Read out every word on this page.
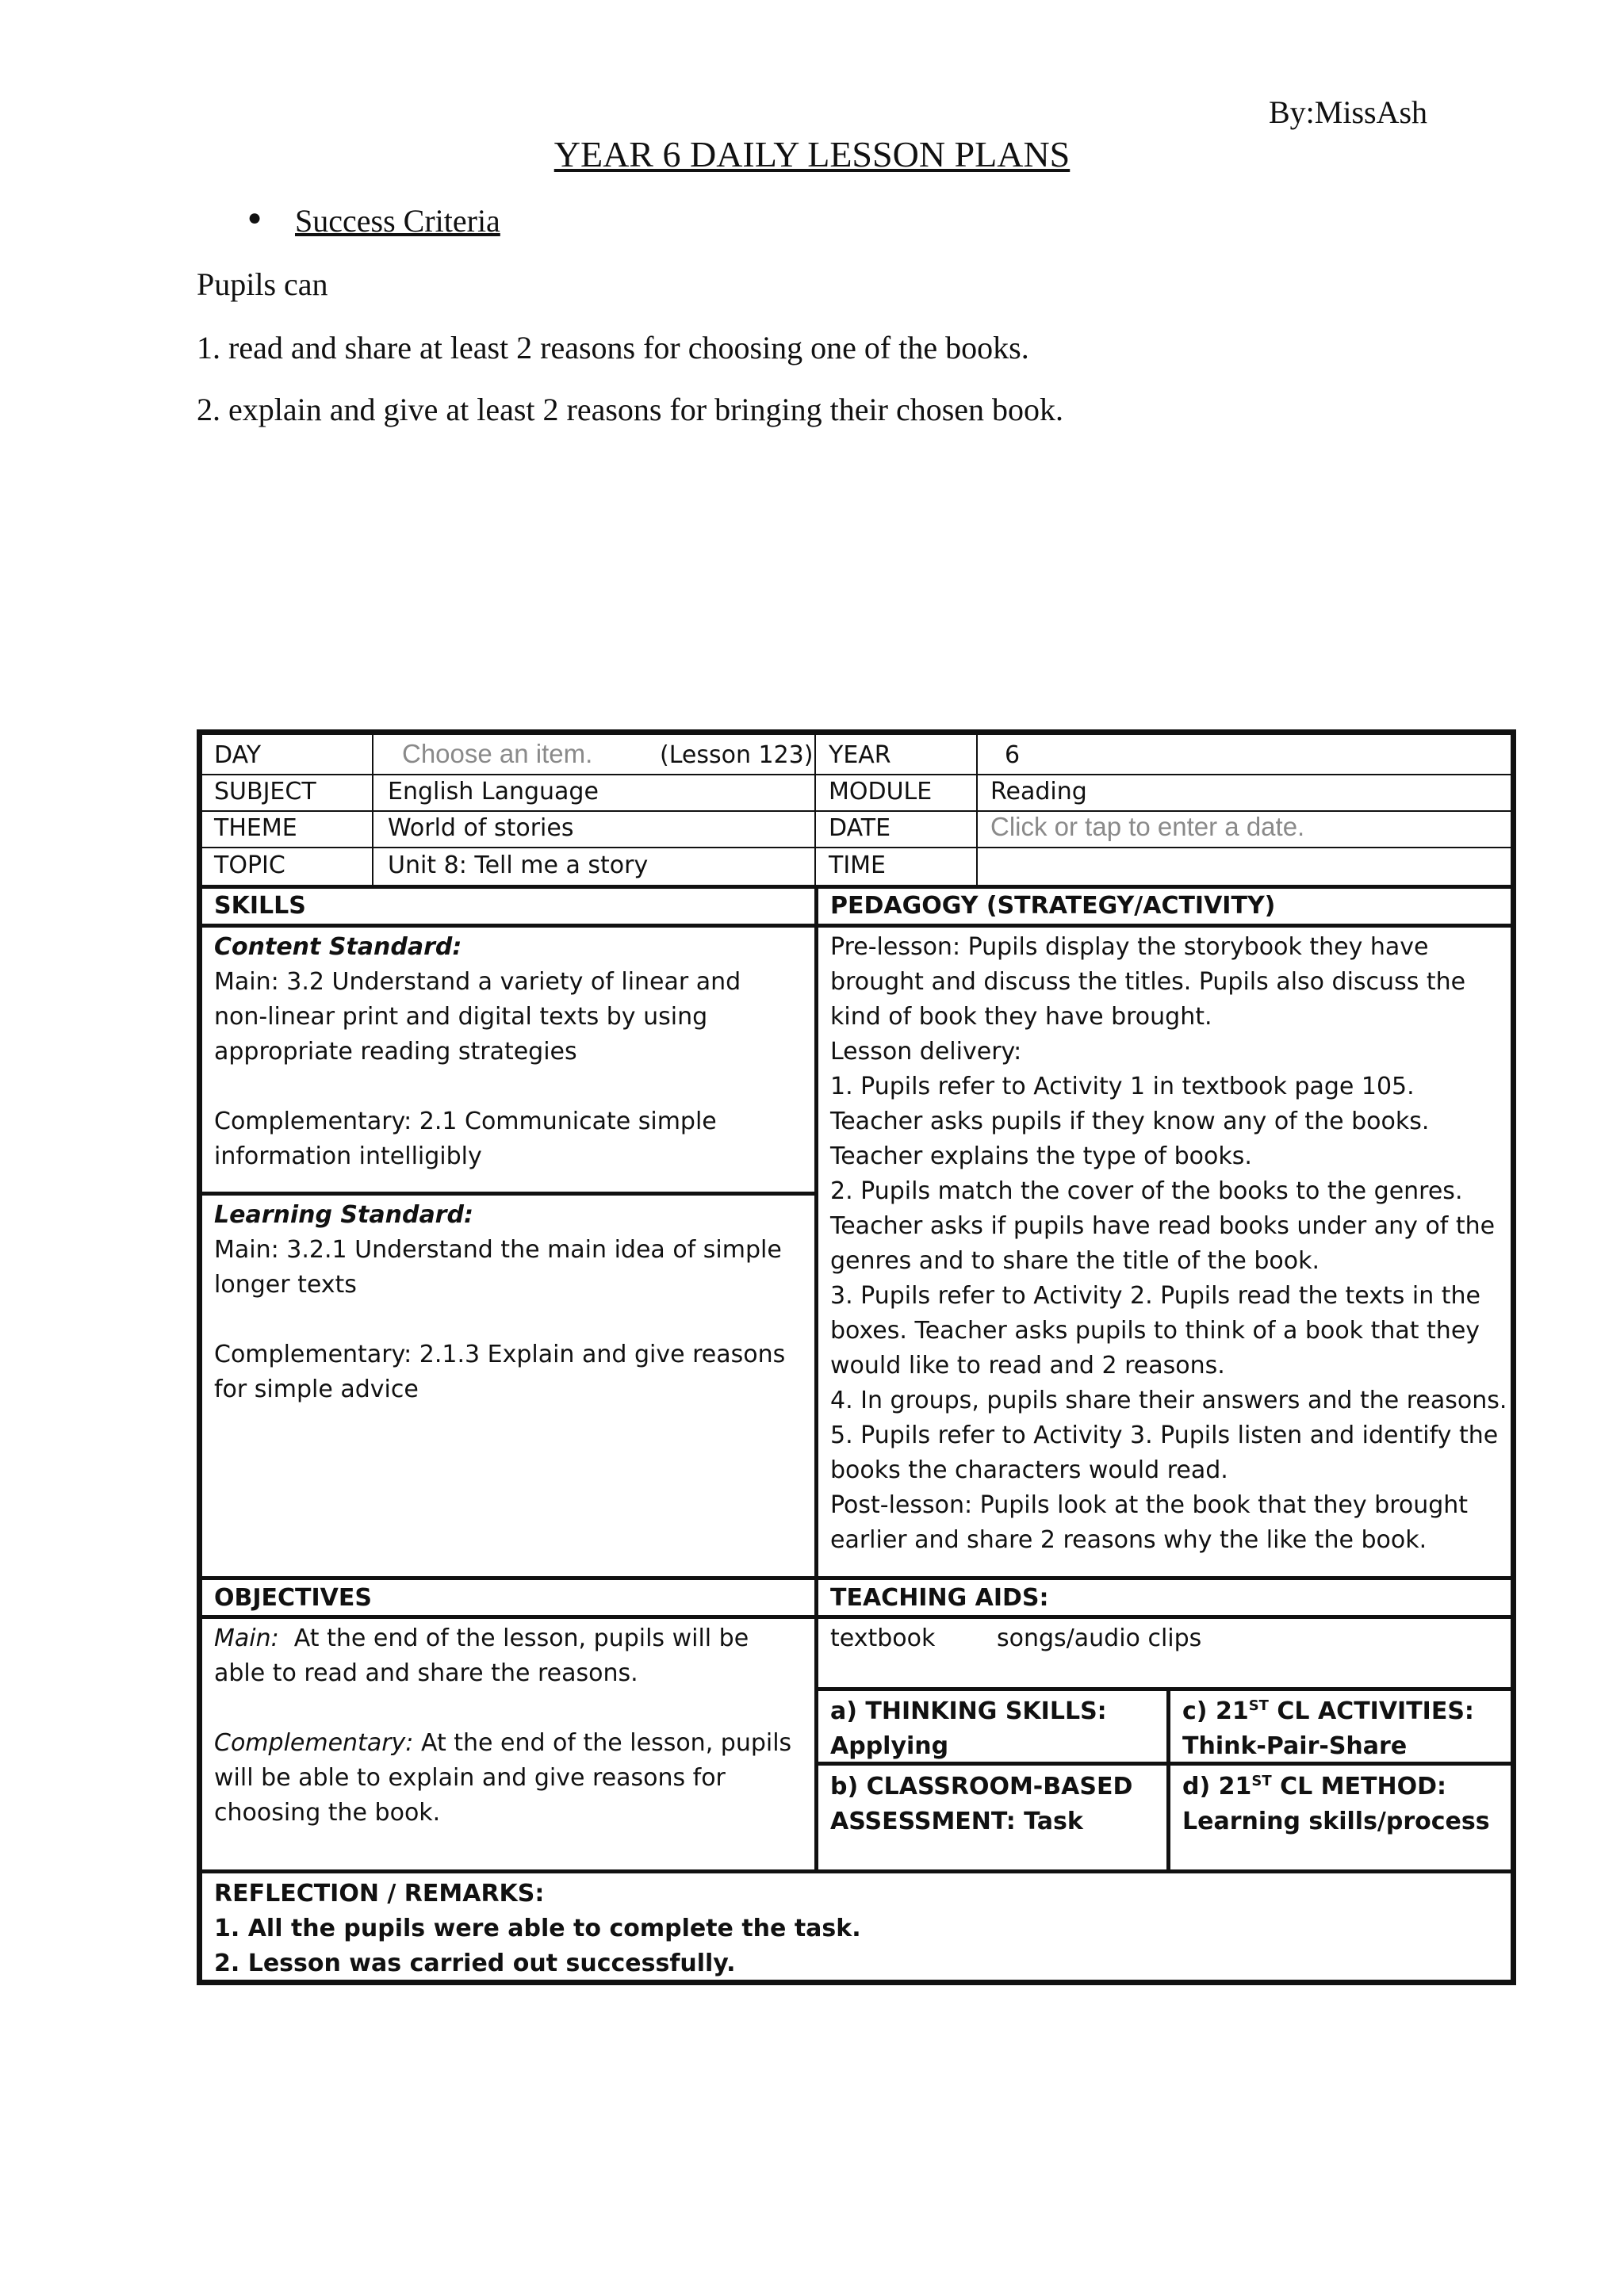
By:MissAsh
YEAR 6 DAILY LESSON PLANS
● Success Criteria
Pupils can
1. read and share at least 2 reasons for choosing one of the books.
2. explain and give at least 2 reasons for bringing their chosen book.
DAY	Choose an item.	(Lesson 123) YEAR	6
SUBJECT	English Language	MODULE Reading
THEME	World of stories	DATE	Click or tap to enter a date.
TOPIC	Unit 8: Tell me a story	TIME
SKILLS	PEDAGOGY (STRATEGY/ACTIVITY)
Content Standard:
Main: 3.2 Understand a variety of linear and non-linear print and digital texts by using appropriate reading strategies
Complementary: 2.1 Communicate simple information intelligibly
Learning Standard:
Main: 3.2.1 Understand the main idea of simple longer texts
Complementary: 2.1.3 Explain and give reasons for simple advice
Pre-lesson: Pupils display the storybook they have brought and discuss the titles. Pupils also discuss the kind of book they have brought.
Lesson delivery:
1. Pupils refer to Activity 1 in textbook page 105. Teacher asks pupils if they know any of the books. Teacher explains the type of books.
2. Pupils match the cover of the books to the genres. Teacher asks if pupils have read books under any of the genres and to share the title of the book.
3. Pupils refer to Activity 2. Pupils read the texts in the boxes. Teacher asks pupils to think of a book that they would like to read and 2 reasons.
4. In groups, pupils share their answers and the reasons.
5. Pupils refer to Activity 3. Pupils listen and identify the books the characters would read.
Post-lesson: Pupils look at the book that they brought earlier and share 2 reasons why the like the book.
OBJECTIVES	TEACHING AIDS:
Main:  At the end of the lesson, pupils will be able to read and share the reasons.
Complementary: At the end of the lesson, pupils will be able to explain and give reasons for choosing the book.
textbook	songs/audio clips
a) THINKING SKILLS:
Applying
c) 21ST CL ACTIVITIES:
Think-Pair-Share
b) CLASSROOM-BASED
ASSESSMENT: Task
d) 21ST CL METHOD:
Learning skills/process
REFLECTION / REMARKS:
1. All the pupils were able to complete the task.
2. Lesson was carried out successfully.
